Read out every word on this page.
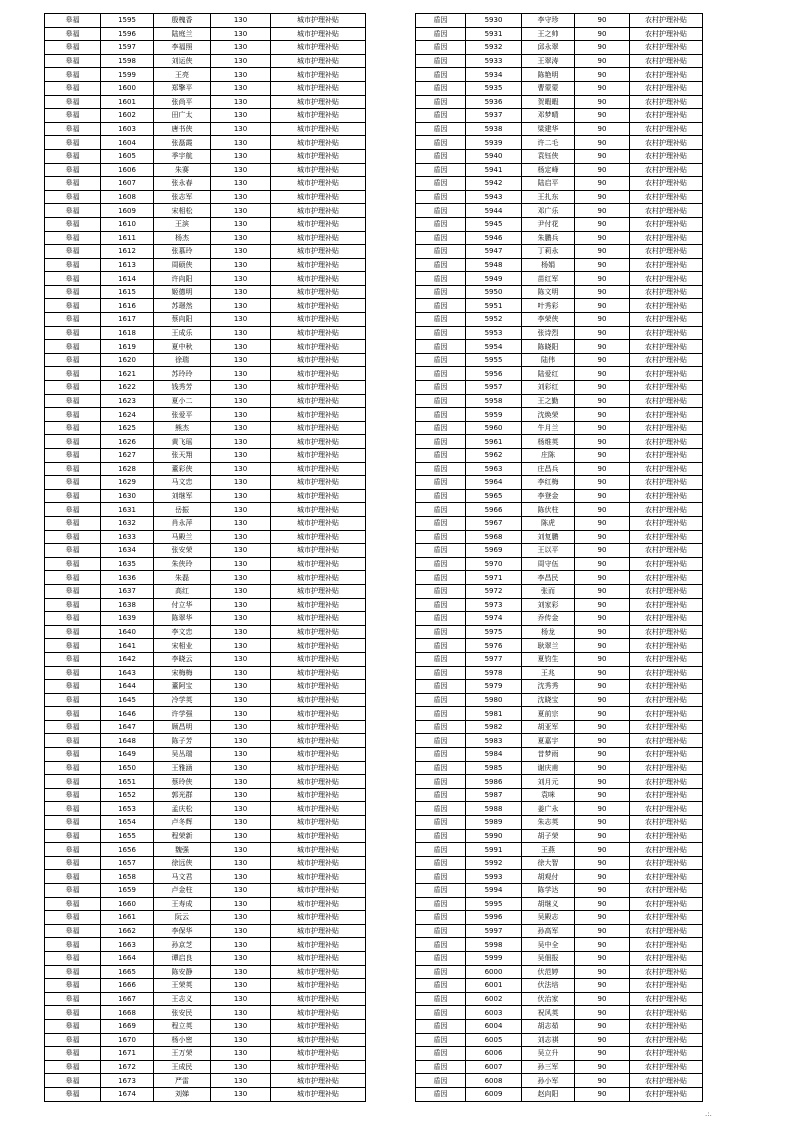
皋福	1595	殷槐香	130	城市护理补贴
皋福	1596	陆庭兰	130	城市护理补贴
皋福	1597	李福照	130	城市护理补贴
皋福	1598	刘运侠	130	城市护理补贴
皋福	1599	王亮	130	城市护理补贴
皋福	1600	郑擎平	130	城市护理补贴
皋福	1601	张尚平	130	城市护理补贴
皋福	1602	田广太	130	城市护理补贴
皋福	1603	唐书侠	130	城市护理补贴
皋福	1604	张磊霞	130	城市护理补贴
皋福	1605	季宇航	130	城市护理补贴
皋福	1606	朱赛	130	城市护理补贴
皋福	1607	张永春	130	城市护理补贴
皋福	1608	张志军	130	城市护理补贴
皋福	1609	宋相松	130	城市护理补贴
皋福	1610	王滨	130	城市护理补贴
皋福	1611	杨杰	130	城市护理补贴
皋福	1612	张慕玲	130	城市护理补贴
皋福	1613	周硕侠	130	城市护理补贴
皋福	1614	许向阳	130	城市护理补贴
皋福	1615	姬德明	130	城市护理补贴
皋福	1616	苏璟然	130	城市护理补贴
皋福	1617	蔡向阳	130	城市护理补贴
皋福	1618	王成乐	130	城市护理补贴
皋福	1619	夏中秋	130	城市护理补贴
皋福	1620	徐瑞	130	城市护理补贴
皋福	1621	苏玲玲	130	城市护理补贴
皋福	1622	钱秀芳	130	城市护理补贴
皋福	1623	夏小二	130	城市护理补贴
皋福	1624	张爱平	130	城市护理补贴
皋福	1625	熊杰	130	城市护理补贴
皋福	1626	黄飞瑶	130	城市护理补贴
皋福	1627	张天翔	130	城市护理补贴
皋福	1628	董彩侠	130	城市护理补贴
皋福	1629	马文忠	130	城市护理补贴
皋福	1630	刘继军	130	城市护理补贴
皋福	1631	岳振	130	城市护理补贴
皋福	1632	肖永萍	130	城市护理补贴
皋福	1633	马殿兰	130	城市护理补贴
皋福	1634	张安荣	130	城市护理补贴
皋福	1635	朱侠玲	130	城市护理补贴
皋福	1636	朱磊	130	城市护理补贴
皋福	1637	高红	130	城市护理补贴
皋福	1638	付立华	130	城市护理补贴
皋福	1639	陈翠华	130	城市护理补贴
皋福	1640	李文忠	130	城市护理补贴
皋福	1641	宋相业	130	城市护理补贴
皋福	1642	李晓云	130	城市护理补贴
皋福	1643	宋梅梅	130	城市护理补贴
皋福	1644	董阿宝	130	城市护理补贴
皋福	1645	冷学英	130	城市护理补贴
皋福	1646	许学强	130	城市护理补贴
皋福	1647	顾昌明	130	城市护理补贴
皋福	1648	陈子芳	130	城市护理补贴
皋福	1649	吴丛瑞	130	城市护理补贴
皋福	1650	王雅涵	130	城市护理补贴
皋福	1651	蔡玲侠	130	城市护理补贴
皋福	1652	郭光群	130	城市护理补贴
皋福	1653	孟庆松	130	城市护理补贴
皋福	1654	卢冬辉	130	城市护理补贴
皋福	1655	程荣新	130	城市护理补贴
皋福	1656	魏强	130	城市护理补贴
皋福	1657	徐远侠	130	城市护理补贴
皋福	1658	马文君	130	城市护理补贴
皋福	1659	卢金柱	130	城市护理补贴
皋福	1660	王寿成	130	城市护理补贴
皋福	1661	阮云	130	城市护理补贴
皋福	1662	李保华	130	城市护理补贴
皋福	1663	孙京芝	130	城市护理补贴
皋福	1664	谭启良	130	城市护理补贴
皋福	1665	陈安静	130	城市护理补贴
皋福	1666	王荣英	130	城市护理补贴
皋福	1667	王志义	130	城市护理补贴
皋福	1668	张安民	130	城市护理补贴
皋福	1669	程立英	130	城市护理补贴
皋福	1670	杨小密	130	城市护理补贴
皋福	1671	王万荣	130	城市护理补贴
皋福	1672	王成民	130	城市护理补贴
皋福	1673	严雷	130	城市护理补贴
皋福	1674	刘娣	130	城市护理补贴
盾因	5930	李守珍	90	农村护理补贴
盾因	5931	王之帅	90	农村护理补贴
盾因	5932	邱永翠	90	农村护理补贴
盾因	5933	王翠涛	90	农村护理补贴
盾因	5934	陈艳明	90	农村护理补贴
盾因	5935	曹蒙蒙	90	农村护理补贴
盾因	5936	贺暇暇	90	农村护理补贴
盾因	5937	邓梦晴	90	农村护理补贴
盾因	5938	梁建华	90	农村护理补贴
盾因	5939	许二毛	90	农村护理补贴
盾因	5940	袁钰侠	90	农村护理补贴
盾因	5941	杨定峰	90	农村护理补贴
盾因	5942	陆启平	90	农村护理补贴
盾因	5943	王扎东	90	农村护理补贴
盾因	5944	邓广乐	90	农村护理补贴
盾因	5945	尹付花	90	农村护理补贴
盾因	5946	朱鹏兵	90	农村护理补贴
盾因	5947	丁莉永	90	农村护理补贴
盾因	5948	杨娟	90	农村护理补贴
盾因	5949	苗红军	90	农村护理补贴
盾因	5950	陈文明	90	农村护理补贴
盾因	5951	叶秀彩	90	农村护理补贴
盾因	5952	李荣侠	90	农村护理补贴
盾因	5953	张诗烈	90	农村护理补贴
盾因	5954	陈晓阳	90	农村护理补贴
盾因	5955	陆伟	90	农村护理补贴
盾因	5956	陆爱红	90	农村护理补贴
盾因	5957	刘彩红	90	农村护理补贴
盾因	5958	王之勤	90	农村护理补贴
盾因	5959	沈焕荣	90	农村护理补贴
盾因	5960	牛月兰	90	农村护理补贴
盾因	5961	杨维英	90	农村护理补贴
盾因	5962	庄陈	90	农村护理补贴
盾因	5963	庄昌兵	90	农村护理补贴
盾因	5964	李红梅	90	农村护理补贴
盾因	5965	李登金	90	农村护理补贴
盾因	5966	陈伏柱	90	农村护理补贴
盾因	5967	陈虎	90	农村护理补贴
盾因	5968	刘复鹏	90	农村护理补贴
盾因	5969	王以平	90	农村护理补贴
盾因	5970	周守伍	90	农村护理补贴
盾因	5971	李昌民	90	农村护理补贴
盾因	5972	张而	90	农村护理补贴
盾因	5973	刘家彩	90	农村护理补贴
盾因	5974	乔传金	90	农村护理补贴
盾因	5975	杨龙	90	农村护理补贴
盾因	5976	耿翠兰	90	农村护理补贴
盾因	5977	夏钧生	90	农村护理补贴
盾因	5978	王兆	90	农村护理补贴
盾因	5979	沈秀秀	90	农村护理补贴
盾因	5980	沈晓宝	90	农村护理补贴
盾因	5981	夏前宗	90	农村护理补贴
盾因	5982	胡亚军	90	农村护理补贴
盾因	5983	夏嘉宇	90	农村护理补贴
盾因	5984	昔梦雨	90	农村护理补贴
盾因	5985	谢庆甫	90	农村护理补贴
盾因	5986	刘月元	90	农村护理补贴
盾因	5987	袁咪	90	农村护理补贴
盾因	5988	姜广永	90	农村护理补贴
盾因	5989	朱志英	90	农村护理补贴
盾因	5990	胡子荣	90	农村护理补贴
盾因	5991	王燕	90	农村护理补贴
盾因	5992	徐大智	90	农村护理补贴
盾因	5993	胡观付	90	农村护理补贴
盾因	5994	陈学达	90	农村护理补贴
盾因	5995	胡继义	90	农村护理补贴
盾因	5996	吴殿志	90	农村护理补贴
盾因	5997	孙高军	90	农村护理补贴
盾因	5998	吴中全	90	农村护理补贴
盾因	5999	吴佃报	90	农村护理补贴
盾因	6000	伏范婷	90	农村护理补贴
盾因	6001	伏法培	90	农村护理补贴
盾因	6002	伏治家	90	农村护理补贴
盾因	6003	祝风英	90	农村护理补贴
盾因	6004	胡志茹	90	农村护理补贴
盾因	6005	刘志祺	90	农村护理补贴
盾因	6006	吴立升	90	农村护理补贴
盾因	6007	孙三军	90	农村护理补贴
盾因	6008	孙小军	90	农村护理补贴
盾因	6009	赵向阳	90	农村护理补贴
.:.
